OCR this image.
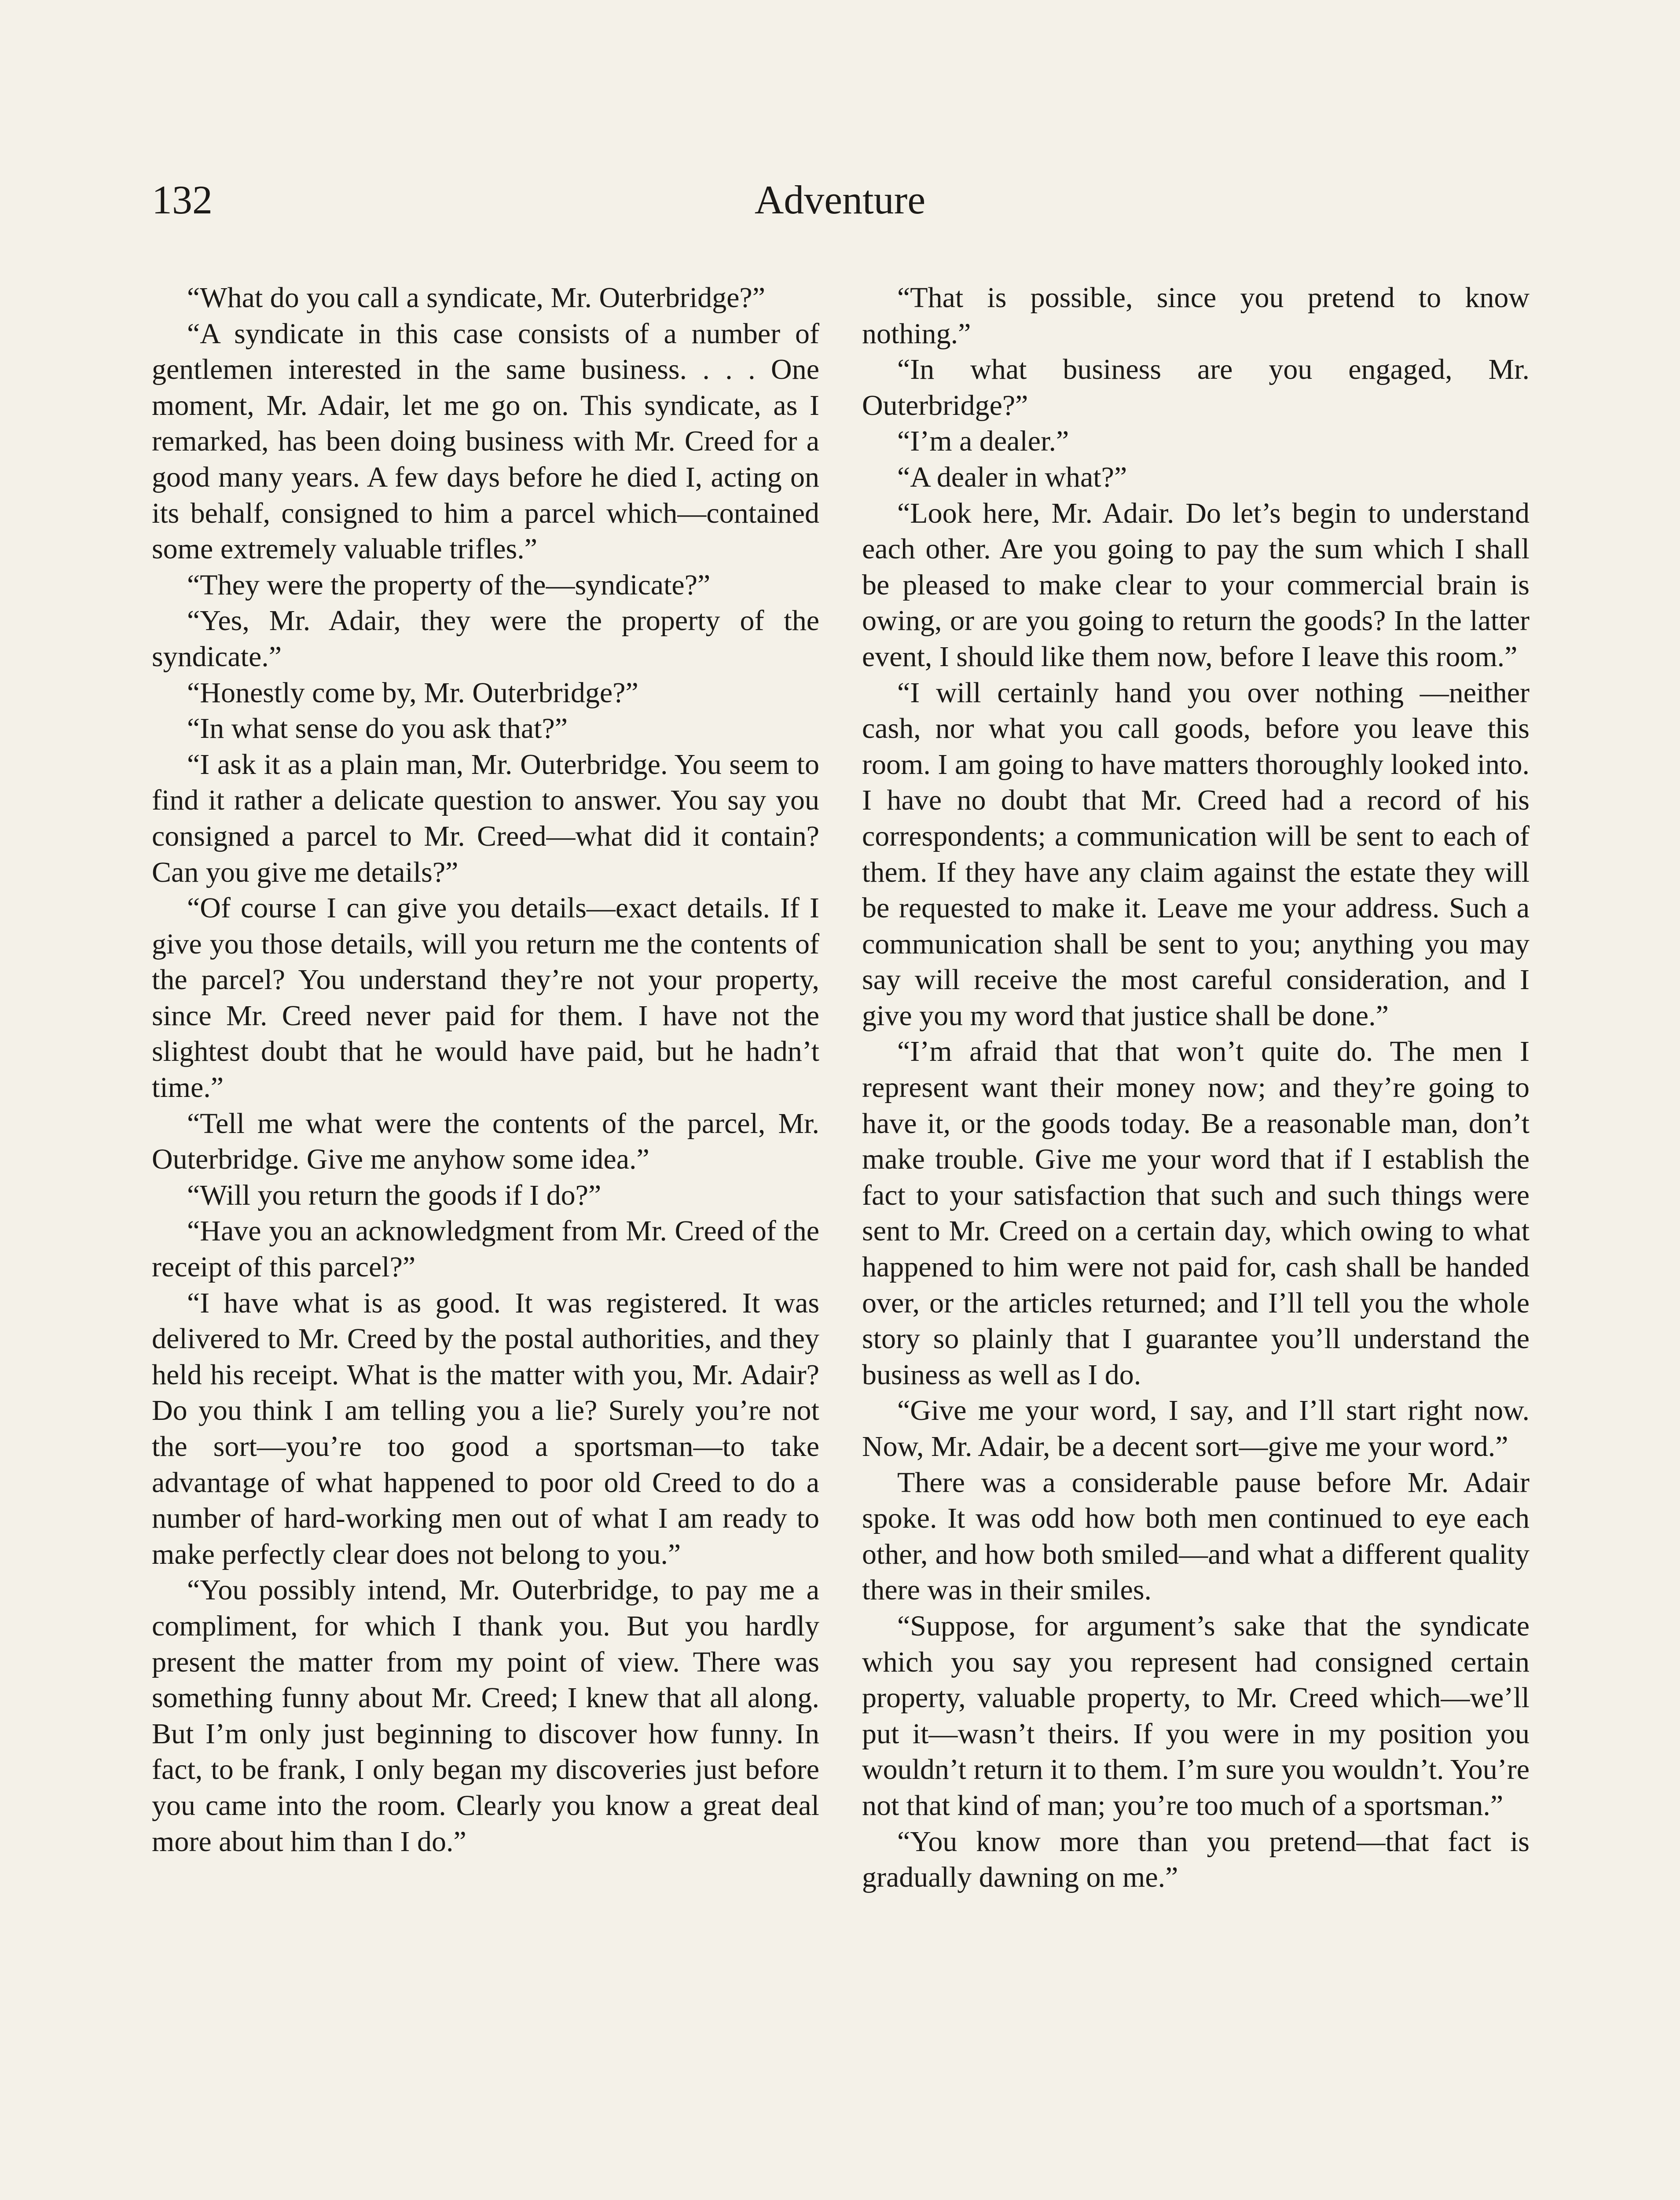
132	Adventure

“What do you call a syndicate, Mr. Outerbridge?”

“A syndicate in this case consists of a number of gentlemen interested in the same business. . . . One moment, Mr. Adair, let me go on. This syndicate, as I remarked, has been doing business with Mr. Creed for a good many years. A few days before he died I, acting on its behalf, consigned to him a parcel which—contained some extremely valuable trifles.”

“They were the property of the—syndicate?”

“Yes, Mr. Adair, they were the property of the syndicate.”

“Honestly come by, Mr. Outerbridge?”

“In what sense do you ask that?”

“I ask it as a plain man, Mr. Outerbridge. You seem to find it rather a delicate question to answer. You say you consigned a parcel to Mr. Creed—what did it contain? Can you give me details?”

“Of course I can give you details—exact details. If I give you those details, will you return me the contents of the parcel? You understand they’re not your property, since Mr. Creed never paid for them. I have not the slightest doubt that he would have paid, but he hadn’t time.”

“Tell me what were the contents of the parcel, Mr. Outerbridge. Give me anyhow some idea.”

“Will you return the goods if I do?”

“Have you an acknowledgment from Mr. Creed of the receipt of this parcel?”

“I have what is as good. It was registered. It was delivered to Mr. Creed by the postal authorities, and they held his receipt. What is the matter with you, Mr. Adair? Do you think I am telling you a lie? Surely you’re not the sort—you’re too good a sportsman—to take advantage of what happened to poor old Creed to do a number of hard-working men out of what I am ready to make perfectly clear does not belong to you.”

“You possibly intend, Mr. Outerbridge, to pay me a compliment, for which I thank you. But you hardly present the matter from my point of view. There was something funny about Mr. Creed; I knew that all along. But I’m only just beginning to discover how funny. In fact, to be frank, I only began my discoveries just before you came into the room. Clearly you know a great deal more about him than I do.”

“That is possible, since you pretend to know nothing.”

“In what business are you engaged, Mr. Outerbridge?”

“I’m a dealer.”

“A dealer in what?”

“Look here, Mr. Adair. Do let’s begin to understand each other. Are you going to pay the sum which I shall be pleased to make clear to your commercial brain is owing, or are you going to return the goods? In the latter event, I should like them now, before I leave this room.”

“I will certainly hand you over nothing —neither cash, nor what you call goods, before you leave this room. I am going to have matters thoroughly looked into. I have no doubt that Mr. Creed had a record of his correspondents; a communication will be sent to each of them. If they have any claim against the estate they will be requested to make it. Leave me your address. Such a communication shall be sent to you; anything you may say will receive the most careful consideration, and I give you my word that justice shall be done.”

“I’m afraid that that won’t quite do. The men I represent want their money now; and they’re going to have it, or the goods today. Be a reasonable man, don’t make trouble. Give me your word that if I establish the fact to your satisfaction that such and such things were sent to Mr. Creed on a certain day, which owing to what happened to him were not paid for, cash shall be handed over, or the articles returned; and I’ll tell you the whole story so plainly that I guarantee you’ll understand the business as well as I do.

“Give me your word, I say, and I’ll start right now. Now, Mr. Adair, be a decent sort—give me your word.”

There was a considerable pause before Mr. Adair spoke. It was odd how both men continued to eye each other, and how both smiled—and what a different quality there was in their smiles.

“Suppose, for argument’s sake that the syndicate which you say you represent had consigned certain property, valuable property, to Mr. Creed which—we’ll put it—wasn’t theirs. If you were in my position you wouldn’t return it to them. I’m sure you wouldn’t. You’re not that kind of man; you’re too much of a sportsman.”

“You know more than you pretend—that fact is gradually dawning on me.”
